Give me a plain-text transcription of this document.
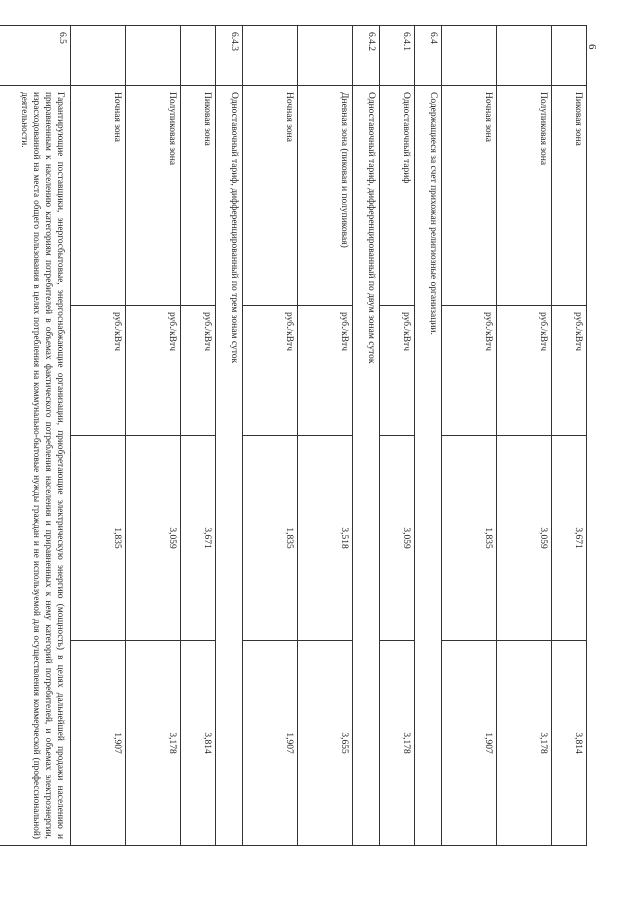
6
	Пиковая зона	руб./кВтч	3,671	3,814
	Полупиковая зона	руб./кВтч	3,059	3,178
	Ночная зона	руб./кВтч	1,835	1,907
6.4	Содержащиеся за счет прихожан религиозные организации.			
6.4.1	Одноставочный тариф	руб./кВтч	3,059	3,178
6.4.2	Одноставочный тариф, дифференцированный по двум зонам суток			
	Дневная зона (пиковая и полупиковая)	руб./кВтч	3,518	3,655
	Ночная зона	руб./кВтч	1,835	1,907
6.4.3	Одноставочный тариф, дифференцированный по трем зонам суток			
	Пиковая зона	руб./кВтч	3,671	3,814
	Полупиковая зона	руб./кВтч	3,059	3,178
	Ночная зона	руб./кВтч	1,835	1,907
6.5	Гарантирующие поставщики, энергосбытовые, энергоснабжающие организации, приобретающие электрическую энергию (мощность) в целях дальнейшей продажи населению и приравненным к населению категориям потребителей в объемах фактического потребления населения и приравненных к нему категорий потребителей, и объемах электроэнергии, израсходованной на места общего пользования в целях потребления на коммунально-бытовые нужды граждан и не используемой для осуществления коммерческой (профессиональной) деятельности.			
